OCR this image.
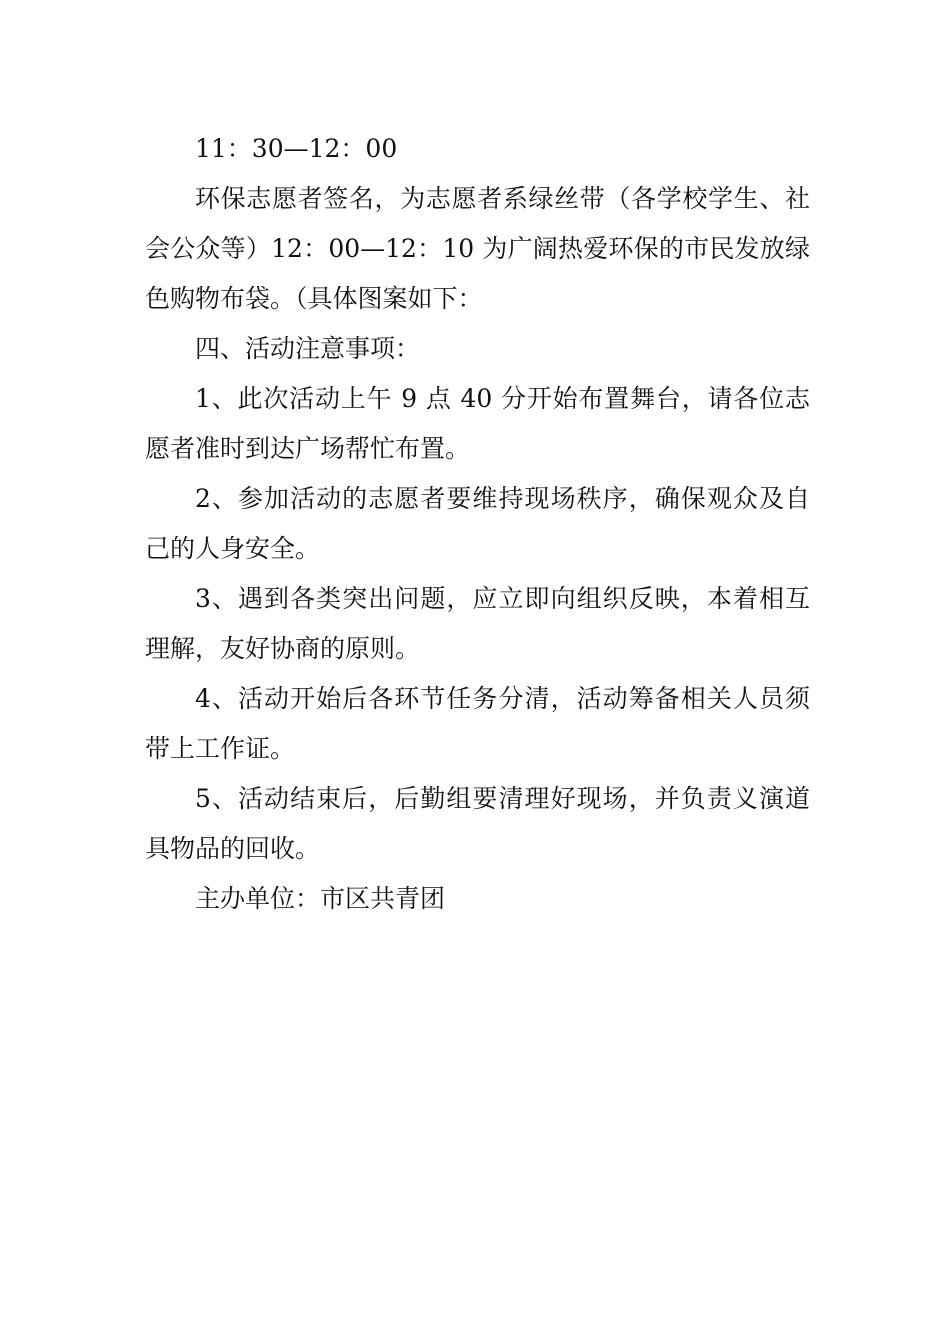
11：30—12：00

环保志愿者签名，为志愿者系绿丝带（各学校学生、社会公众等）12：00—12：10 为广阔热爱环保的市民发放绿色购物布袋。（具体图案如下：

四、活动注意事项：

1、此次活动上午 9 点 40 分开始布置舞台，请各位志愿者准时到达广场帮忙布置。

2、参加活动的志愿者要维持现场秩序，确保观众及自己的人身安全。

3、遇到各类突出问题，应立即向组织反映，本着相互理解，友好协商的原则。

4、活动开始后各环节任务分清，活动筹备相关人员须带上工作证。

5、活动结束后，后勤组要清理好现场，并负责义演道具物品的回收。

主办单位：市区共青团
